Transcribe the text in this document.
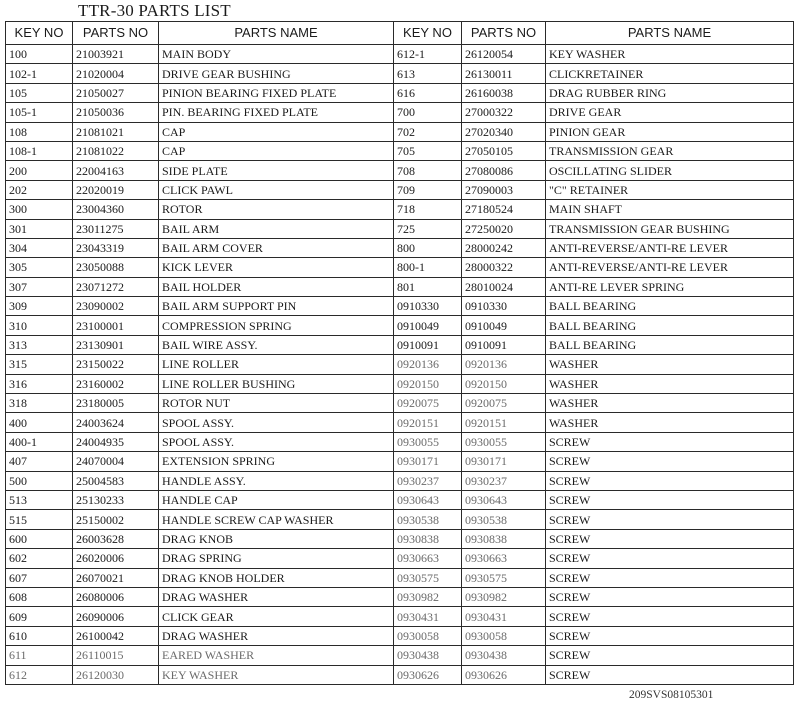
TTR-30 PARTS LIST
KEY NO	PARTS NO	PARTS NAME	KEY NO	PARTS NO	PARTS NAME
100	21003921	MAIN BODY	612-1	26120054	KEY WASHER
102-1	21020004	DRIVE GEAR BUSHING	613	26130011	CLICKRETAINER
105	21050027	PINION BEARING FIXED PLATE	616	26160038	DRAG RUBBER RING
105-1	21050036	PIN. BEARING FIXED PLATE	700	27000322	DRIVE GEAR
108	21081021	CAP	702	27020340	PINION GEAR
108-1	21081022	CAP	705	27050105	TRANSMISSION GEAR
200	22004163	SIDE PLATE	708	27080086	OSCILLATING SLIDER
202	22020019	CLICK PAWL	709	27090003	"C" RETAINER
300	23004360	ROTOR	718	27180524	MAIN SHAFT
301	23011275	BAIL ARM	725	27250020	TRANSMISSION GEAR BUSHING
304	23043319	BAIL ARM COVER	800	28000242	ANTI-REVERSE/ANTI-RE LEVER
305	23050088	KICK LEVER	800-1	28000322	ANTI-REVERSE/ANTI-RE LEVER
307	23071272	BAIL HOLDER	801	28010024	ANTI-RE LEVER SPRING
309	23090002	BAIL ARM SUPPORT PIN	0910330	0910330	BALL BEARING
310	23100001	COMPRESSION SPRING	0910049	0910049	BALL BEARING
313	23130901	BAIL WIRE ASSY.	0910091	0910091	BALL BEARING
315	23150022	LINE ROLLER	0920136	0920136	WASHER
316	23160002	LINE ROLLER BUSHING	0920150	0920150	WASHER
318	23180005	ROTOR NUT	0920075	0920075	WASHER
400	24003624	SPOOL ASSY.	0920151	0920151	WASHER
400-1	24004935	SPOOL ASSY.	0930055	0930055	SCREW
407	24070004	EXTENSION SPRING	0930171	0930171	SCREW
500	25004583	HANDLE ASSY.	0930237	0930237	SCREW
513	25130233	HANDLE CAP	0930643	0930643	SCREW
515	25150002	HANDLE SCREW CAP WASHER	0930538	0930538	SCREW
600	26003628	DRAG KNOB	0930838	0930838	SCREW
602	26020006	DRAG SPRING	0930663	0930663	SCREW
607	26070021	DRAG KNOB HOLDER	0930575	0930575	SCREW
608	26080006	DRAG WASHER	0930982	0930982	SCREW
609	26090006	CLICK GEAR	0930431	0930431	SCREW
610	26100042	DRAG WASHER	0930058	0930058	SCREW
611	26110015	EARED WASHER	0930438	0930438	SCREW
612	26120030	KEY WASHER	0930626	0930626	SCREW
209SVS08105301
